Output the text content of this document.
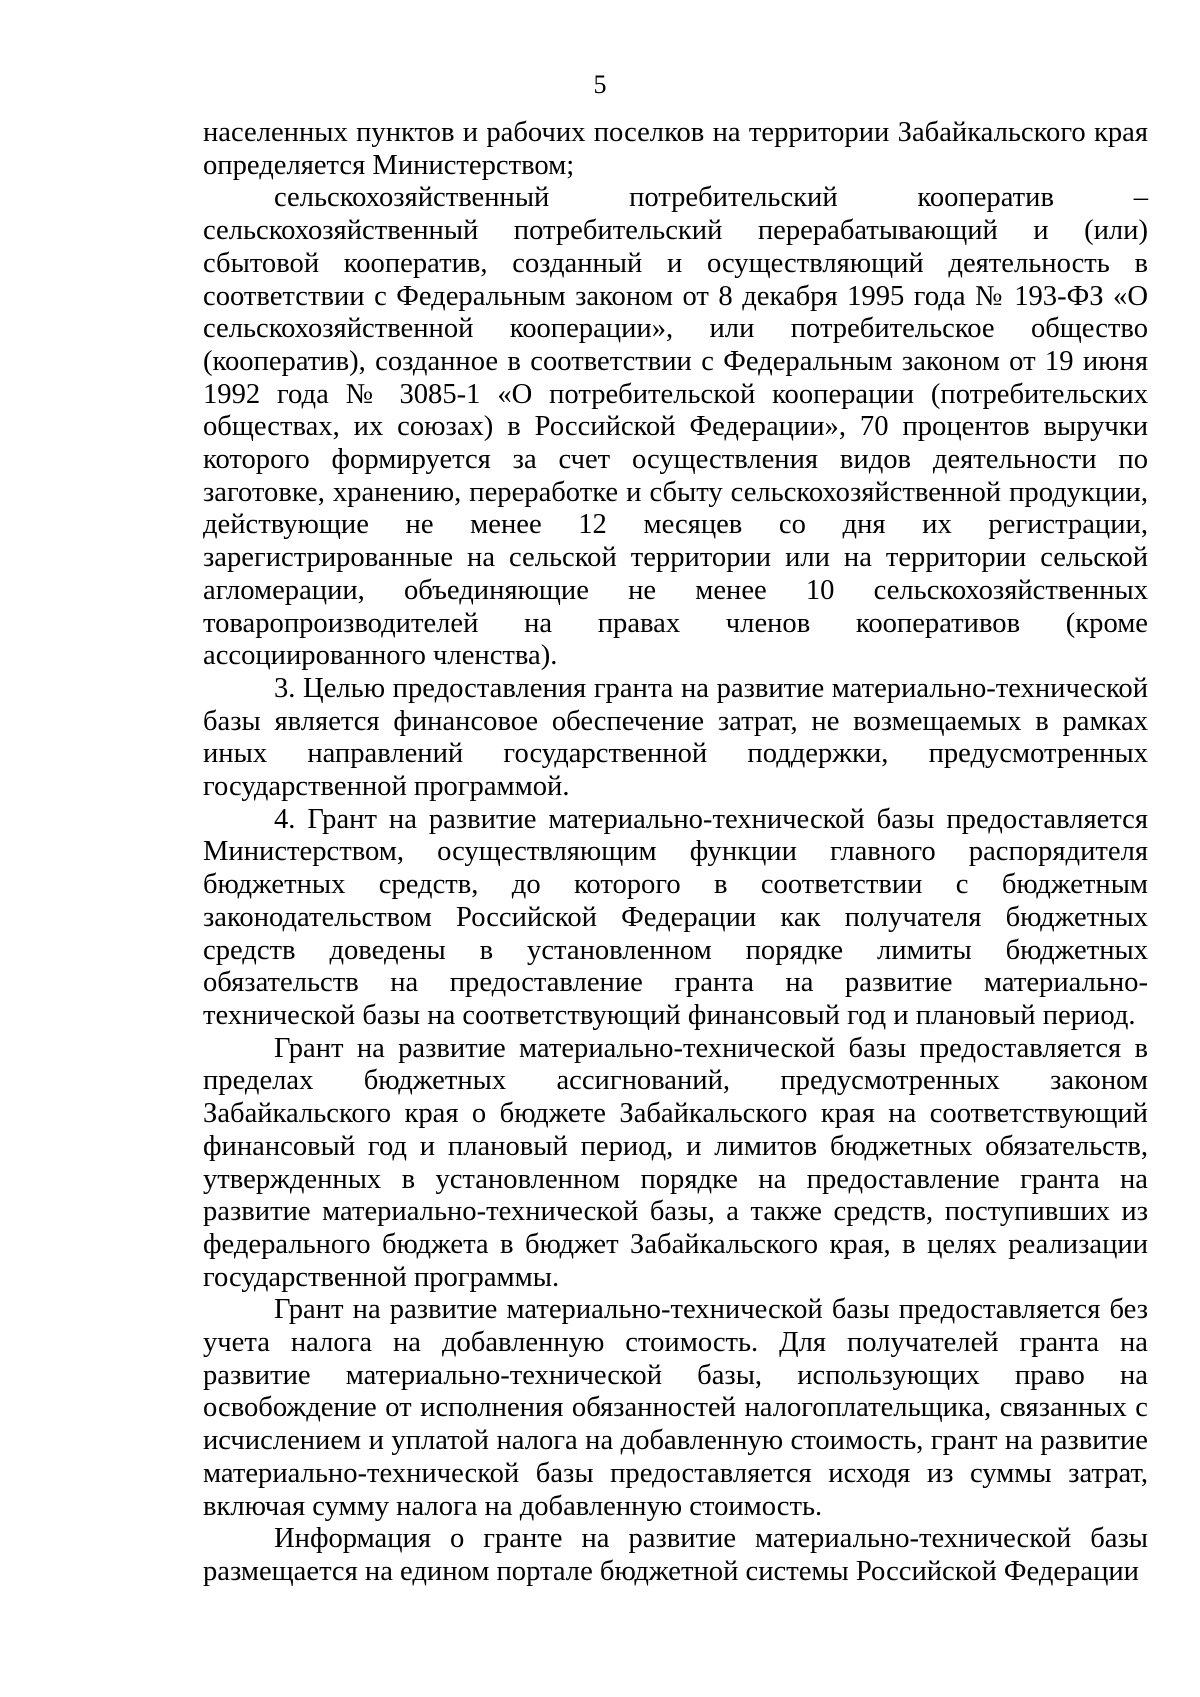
5

населенных пунктов и рабочих поселков на территории Забайкальского края определяется Министерством;

сельскохозяйственный потребительский кооператив – сельскохозяйственный потребительский перерабатывающий и (или) сбытовой кооператив, созданный и осуществляющий деятельность в соответствии с Федеральным законом от 8 декабря 1995 года № 193-ФЗ «О сельскохозяйственной кооперации», или потребительское общество (кооператив), созданное в соответствии с Федеральным законом от 19 июня 1992 года № 3085-1 «О потребительской кооперации (потребительских обществах, их союзах) в Российской Федерации», 70 процентов выручки которого формируется за счет осуществления видов деятельности по заготовке, хранению, переработке и сбыту сельскохозяйственной продукции, действующие не менее 12 месяцев со дня их регистрации, зарегистрированные на сельской территории или на территории сельской агломерации, объединяющие не менее 10 сельскохозяйственных товаропроизводителей на правах членов кооперативов (кроме ассоциированного членства).

3. Целью предоставления гранта на развитие материально-технической базы является финансовое обеспечение затрат, не возмещаемых в рамках иных направлений государственной поддержки, предусмотренных государственной программой.

4. Грант на развитие материально-технической базы предоставляется Министерством, осуществляющим функции главного распорядителя бюджетных средств, до которого в соответствии с бюджетным законодательством Российской Федерации как получателя бюджетных средств доведены в установленном порядке лимиты бюджетных обязательств на предоставление гранта на развитие материально-технической базы на соответствующий финансовый год и плановый период.

Грант на развитие материально-технической базы предоставляется в пределах бюджетных ассигнований, предусмотренных законом Забайкальского края о бюджете Забайкальского края на соответствующий финансовый год и плановый период, и лимитов бюджетных обязательств, утвержденных в установленном порядке на предоставление гранта на развитие материально-технической базы, а также средств, поступивших из федерального бюджета в бюджет Забайкальского края, в целях реализации государственной программы.

Грант на развитие материально-технической базы предоставляется без учета налога на добавленную стоимость. Для получателей гранта на развитие материально-технической базы, использующих право на освобождение от исполнения обязанностей налогоплательщика, связанных с исчислением и уплатой налога на добавленную стоимость, грант на развитие материально-технической базы предоставляется исходя из суммы затрат, включая сумму налога на добавленную стоимость.

Информация о гранте на развитие материально-технической базы размещается на едином портале бюджетной системы Российской Федерации
